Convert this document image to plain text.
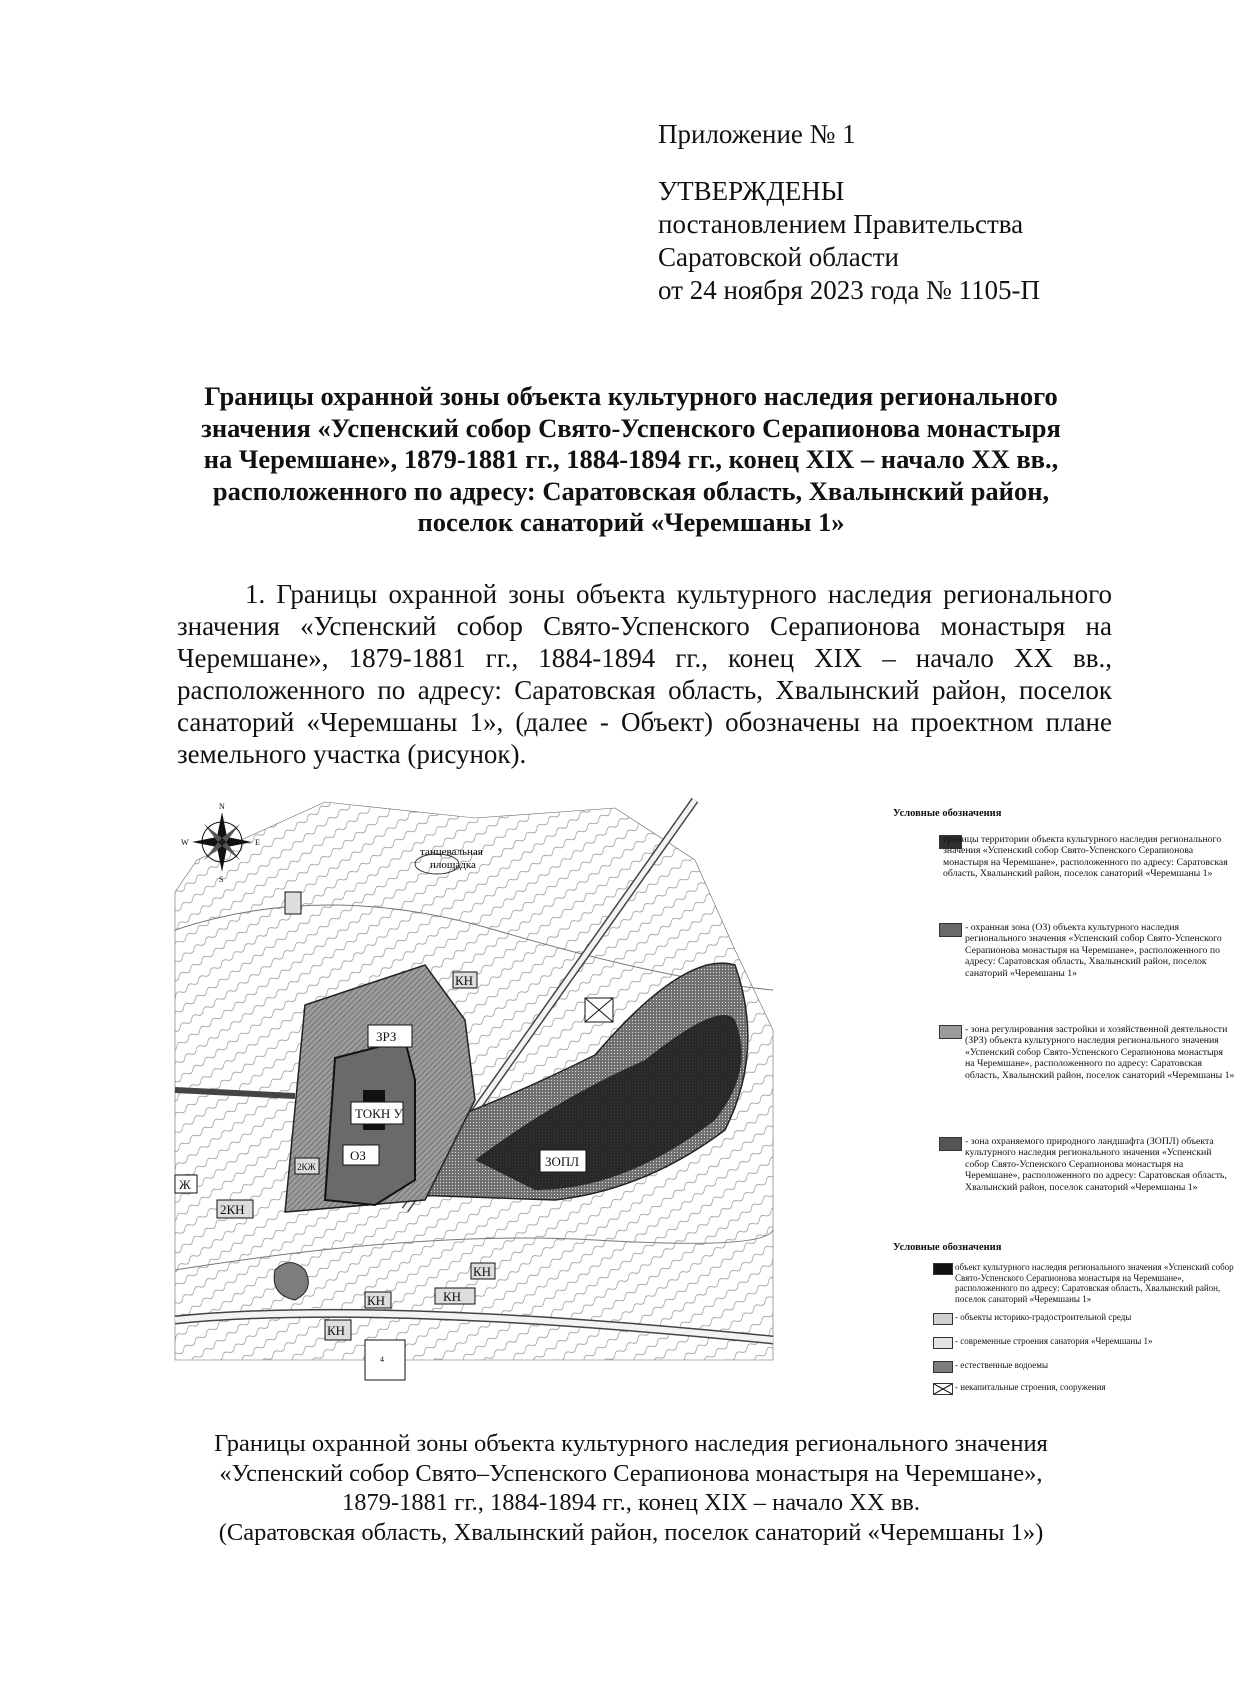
Приложение № 1
УТВЕРЖДЕНЫ
постановлением Правительства
Саратовской области
от 24 ноября 2023 года № 1105-П
Границы охранной зоны объекта культурного наследия регионального
значения «Успенский собор Свято-Успенского Серапионова монастыря
на Черемшане», 1879-1881 гг., 1884-1894 гг., конец XIX – начало XX вв.,
расположенного по адресу: Саратовская область, Хвалынский район,
поселок санаторий «Черемшаны 1»
1. Границы охранной зоны объекта культурного наследия регионального значения «Успенский собор Свято-Успенского Серапионова монастыря на Черемшане», 1879-1881 гг., 1884-1894 гг., конец XIX – начало XX вв., расположенного по адресу: Саратовская область, Хвалынский район, поселок санаторий «Черемшаны 1», (далее - Объект) обозначены на проектном плане земельного участка (рисунок).
ЗРЗ
ТОКН У
ОЗ	ЗОПЛ
Ж
2КН
КН	КН
КН
КН
КН
2КЖ
4
танцевальная
площадка
N
S
E
W
Условные обозначения
границы территории объекта культурного наследия регионального значения «Успенский собор Свято-Успенского Серапионова монастыря на Черемшане», расположенного по адресу: Саратовская область, Хвалынский район, поселок санаторий «Черемшаны 1»
- охранная зона (ОЗ) объекта культурного наследия регионального значения «Успенский собор Свято-Успенского Серапионова монастыря на Черемшане», расположенного по адресу: Саратовская область, Хвалынский район, поселок санаторий «Черемшаны 1»
- зона регулирования застройки и хозяйственной деятельности (ЗРЗ) объекта культурного наследия регионального значения «Успенский собор Свято-Успенского Серапионова монастыря на Черемшане», расположенного по адресу: Саратовская область, Хвалынский район, поселок санаторий «Черемшаны 1»
- зона охраняемого природного ландшафта (ЗОПЛ) объекта культурного наследия регионального значения «Успенский собор Свято-Успенского Серапионова монастыря на Черемшане», расположенного по адресу: Саратовская область, Хвалынский район, поселок санаторий «Черемшаны 1»
Условные обозначения
объект культурного наследия регионального значения «Успенский собор Свято-Успенского Серапионова монастыря на Черемшане», расположенного по адресу: Саратовская область, Хвалынский район, поселок санаторий «Черемшаны 1»
- объекты историко-градостроительной среды
- современные строения санатория «Черемшаны 1»
- естественные водоемы
- некапитальные строения, сооружения
Границы охранной зоны объекта культурного наследия регионального значения
«Успенский собор Свято–Успенского Серапионова монастыря на Черемшане»,
1879-1881 гг., 1884-1894 гг., конец XIX – начало XX вв.
(Саратовская область, Хвалынский район, поселок санаторий «Черемшаны 1»)
